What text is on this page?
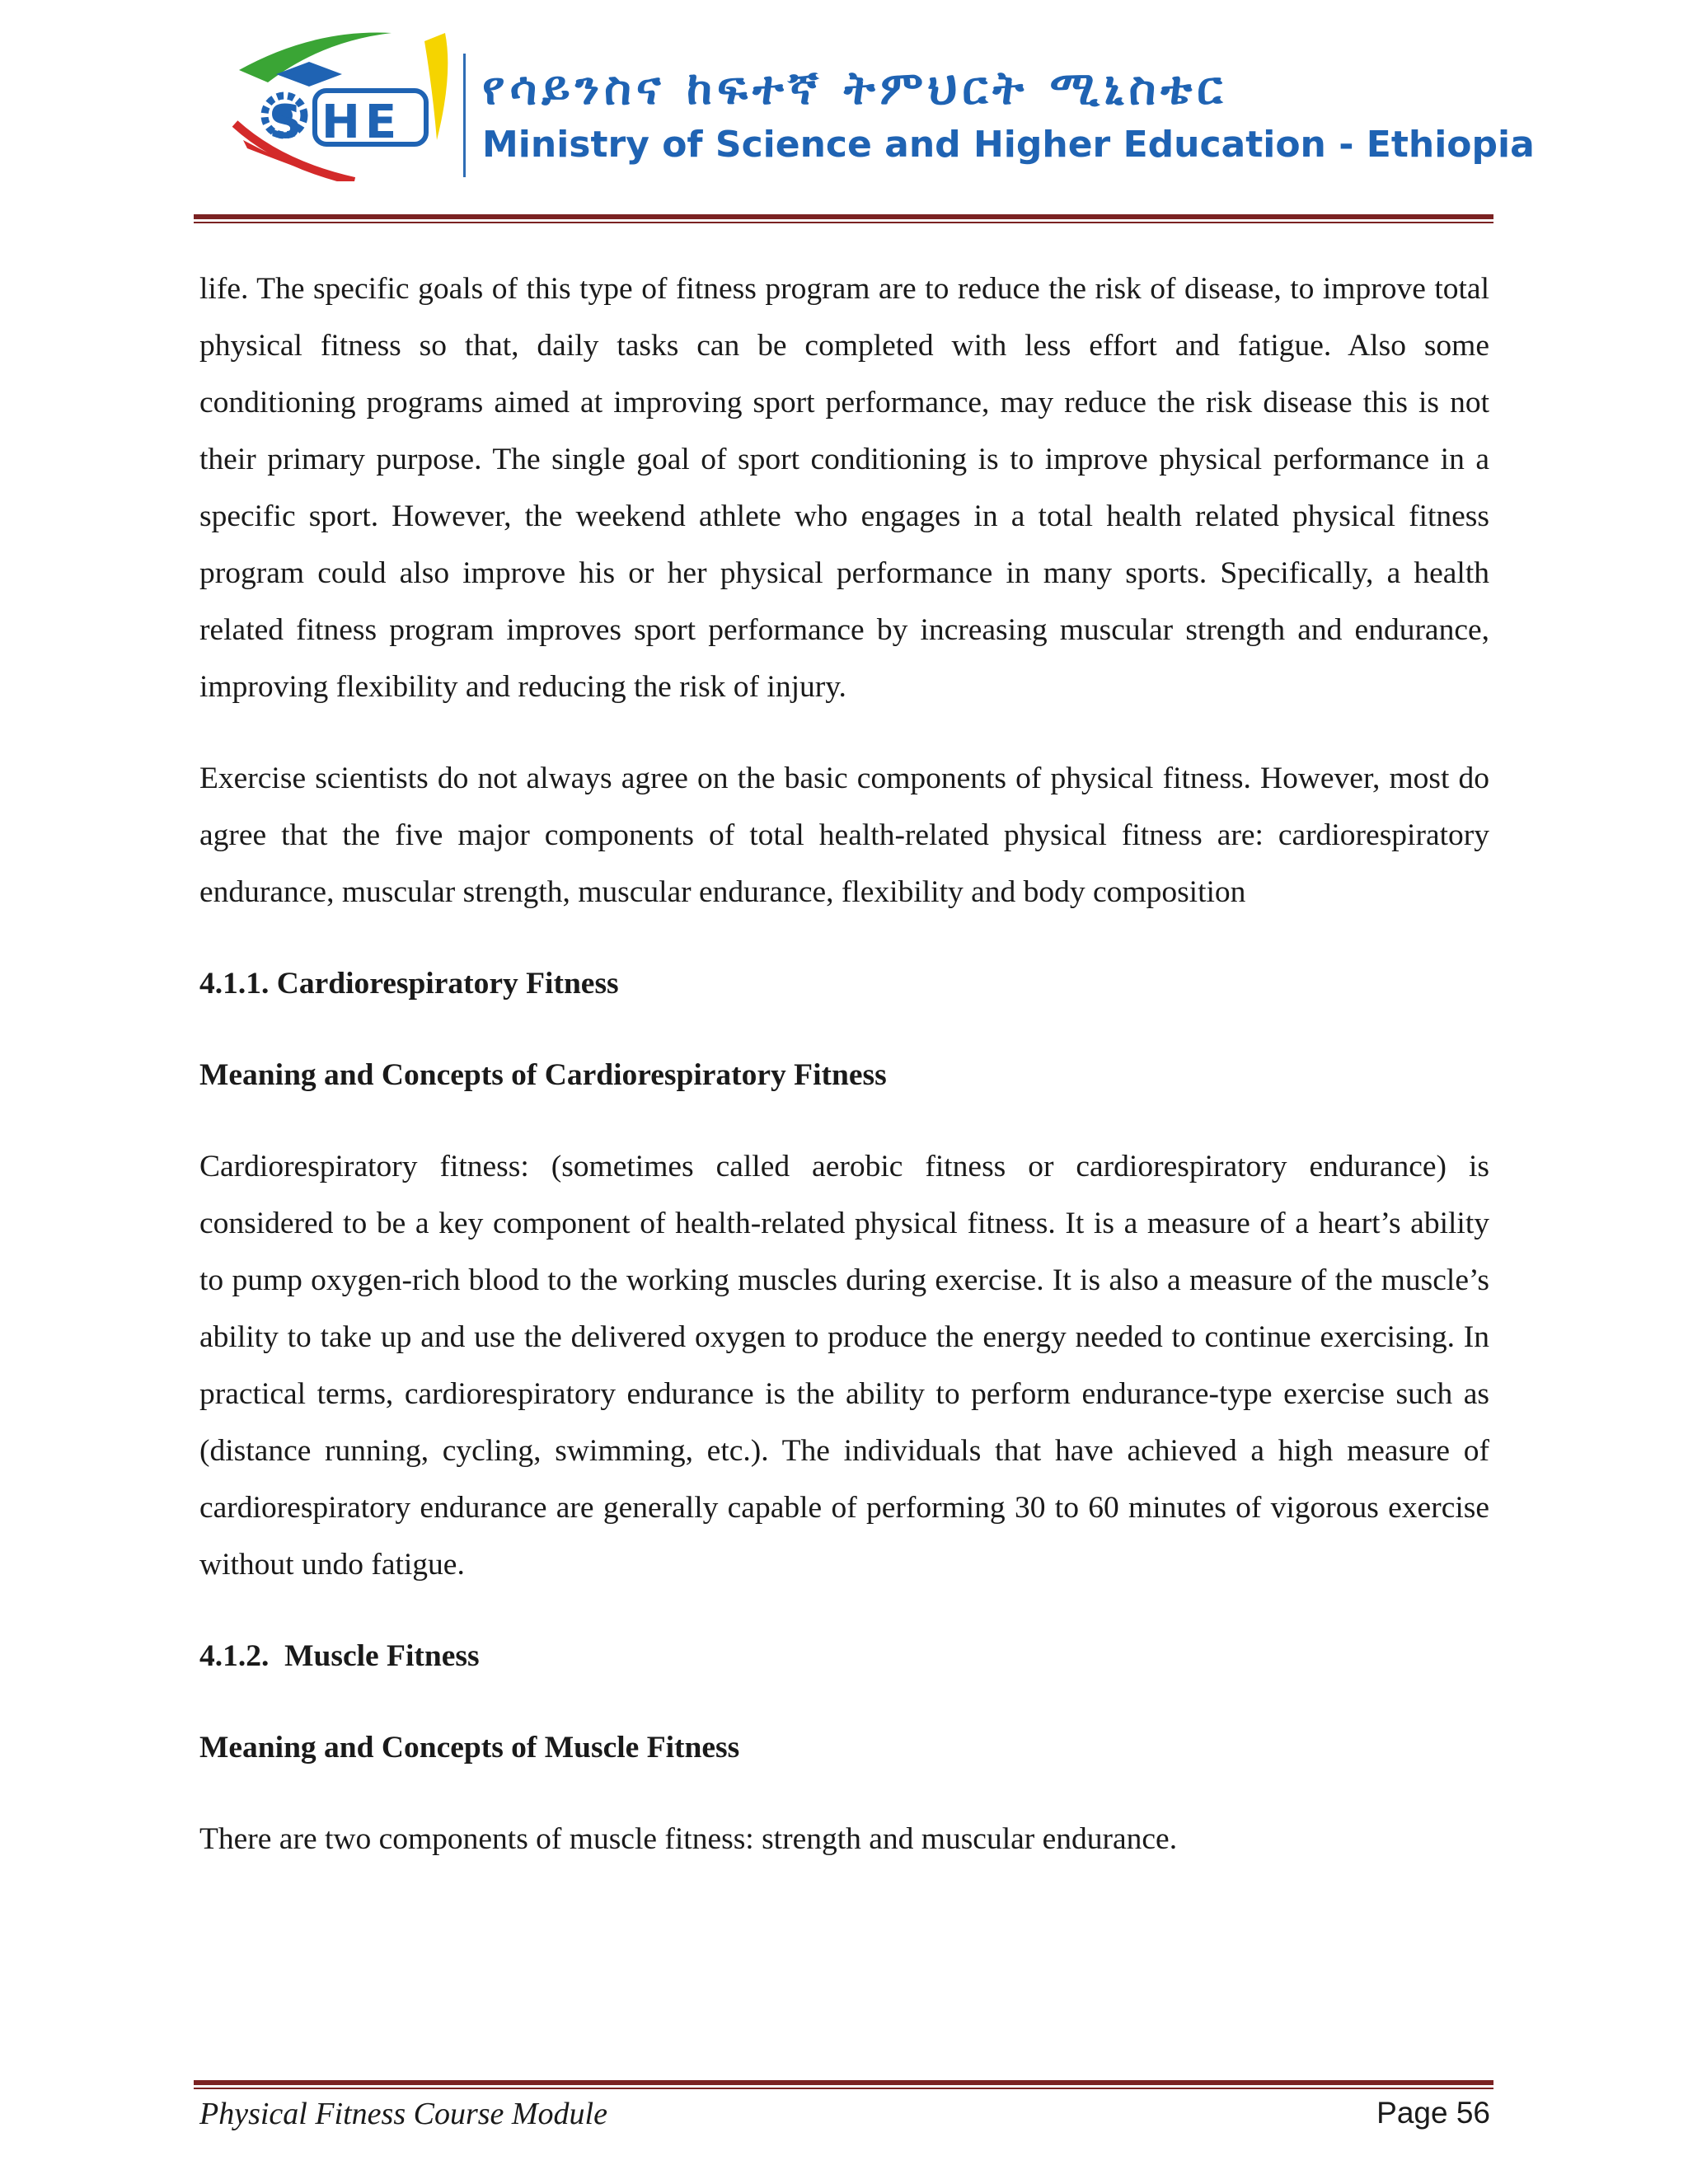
HE
S
የሳይንስና ከፍተኛ ትምህርት ሚኒስቴር
Ministry of Science and Higher Education - Ethiopia

life. The specific goals of this type of fitness program are to reduce the risk of disease, to improve total physical fitness so that, daily tasks can be completed with less effort and fatigue. Also some conditioning programs aimed at improving sport performance, may reduce the risk disease this is not their primary purpose. The single goal of sport conditioning is to improve physical performance in a specific sport. However, the weekend athlete who engages in a total health related physical fitness program could also improve his or her physical performance in many sports. Specifically, a health related fitness program improves sport performance by increasing muscular strength and endurance, improving flexibility and reducing the risk of injury.

Exercise scientists do not always agree on the basic components of physical fitness. However, most do agree that the five major components of total health-related physical fitness are: cardiorespiratory endurance, muscular strength, muscular endurance, flexibility and body composition

4.1.1. Cardiorespiratory Fitness

Meaning and Concepts of Cardiorespiratory Fitness

Cardiorespiratory fitness: (sometimes called aerobic fitness or cardiorespiratory endurance) is considered to be a key component of health-related physical fitness. It is a measure of a heart’s ability to pump oxygen-rich blood to the working muscles during exercise. It is also a measure of the muscle’s ability to take up and use the delivered oxygen to produce the energy needed to continue exercising. In practical terms, cardiorespiratory endurance is the ability to perform endurance-type exercise such as (distance running, cycling, swimming, etc.). The individuals that have achieved a high measure of cardiorespiratory endurance are generally capable of performing 30 to 60 minutes of vigorous exercise without undo fatigue.

4.1.2. Muscle Fitness

Meaning and Concepts of Muscle Fitness

There are two components of muscle fitness: strength and muscular endurance.

Physical Fitness Course Module	Page 56
